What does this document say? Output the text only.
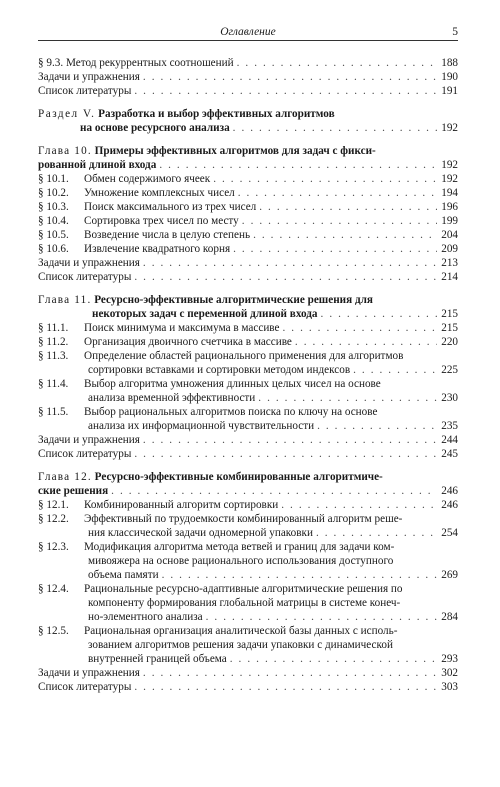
Оглавление	5
§ 9.3. Метод рекуррентных соотношений . . .	188
Задачи и упражнения . . .	190
Список литературы . . .	191
Раздел V. Разработка и выбор эффективных алгоритмов
на основе ресурсного анализа . . .	192
Глава 10. Примеры эффективных алгоритмов для задач с фикси-
рованной длиной входа . . .	192
§ 10.1. Обмен содержимого ячеек . . .	192
§ 10.2. Умножение комплексных чисел . . .	194
§ 10.3. Поиск максимального из трех чисел . . .	196
§ 10.4. Сортировка трех чисел по месту . . .	199
§ 10.5. Возведение числа в целую степень . . .	204
§ 10.6. Извлечение квадратного корня . . .	209
Задачи и упражнения . . .	213
Список литературы . . .	214
Глава 11. Ресурсно-эффективные алгоритмические решения для
некоторых задач с переменной длиной входа . . .	215
§ 11.1. Поиск минимума и максимума в массиве . . .	215
§ 11.2. Организация двоичного счетчика в массиве . . .	220
§ 11.3. Определение областей рационального применения для алгоритмов
сортировки вставками и сортировки методом индексов . . .	225
§ 11.4. Выбор алгоритма умножения длинных целых чисел на основе
анализа временной эффективности . . .	230
§ 11.5. Выбор рациональных алгоритмов поиска по ключу на основе
анализа их информационной чувствительности . . .	235
Задачи и упражнения . . .	244
Список литературы . . .	245
Глава 12. Ресурсно-эффективные комбинированные алгоритмиче-
ские решения . . .	246
§ 12.1. Комбинированный алгоритм сортировки . . .	246
§ 12.2. Эффективный по трудоемкости комбинированный алгоритм реше-
ния классической задачи одномерной упаковки . . .	254
§ 12.3. Модификация алгоритма метода ветвей и границ для задачи ком-
мивояжера на основе рационального использования доступного
объема памяти . . .	269
§ 12.4. Рациональные ресурсно-адаптивные алгоритмические решения по
компоненту формирования глобальной матрицы в системе конеч-
но-элементного анализа . . .	284
§ 12.5. Рациональная организация аналитической базы данных с исполь-
зованием алгоритмов решения задачи упаковки с динамической
внутренней границей объема . . .	293
Задачи и упражнения . . .	302
Список литературы . . .	303
